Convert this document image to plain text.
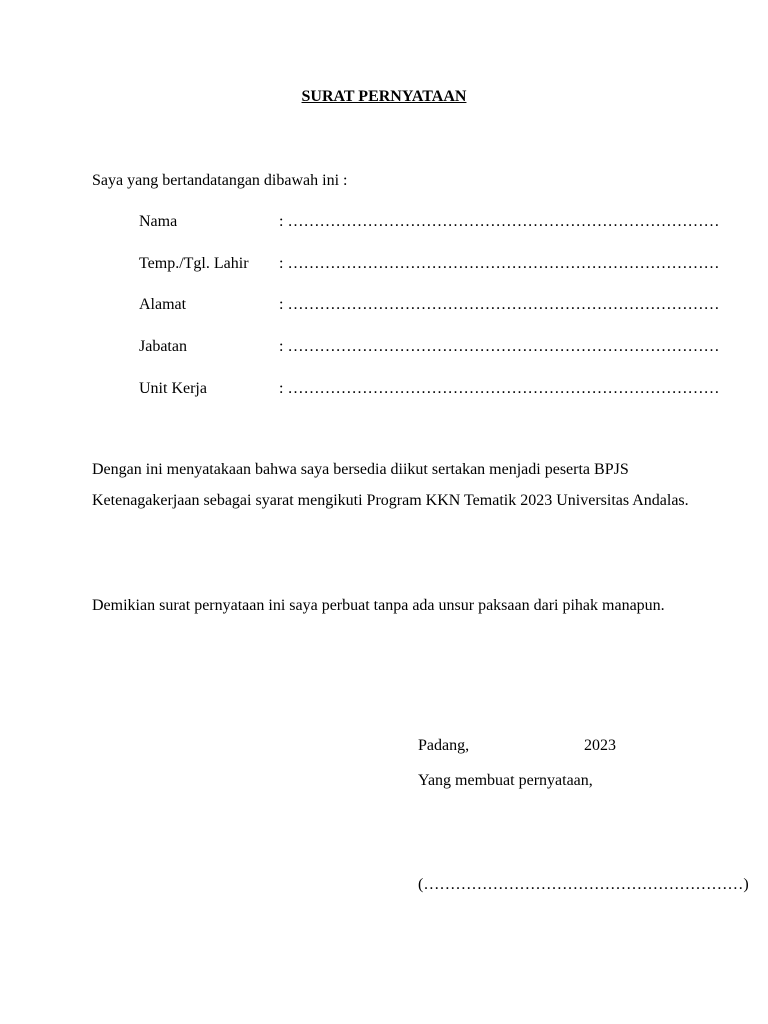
SURAT PERNYATAAN
Saya yang bertandatangan dibawah ini :
Nama	: ………………………………………………………………………
Temp./Tgl. Lahir : ………………………………………………………………………
Alamat	: ………………………………………………………………………
Jabatan	: ………………………………………………………………………
Unit Kerja	: ………………………………………………………………………
Dengan ini menyatakaan bahwa saya bersedia diikut sertakan menjadi peserta BPJS Ketenagakerjaan sebagai syarat mengikuti Program KKN Tematik 2023 Universitas Andalas.
Demikian surat pernyataan ini saya perbuat tanpa ada unsur paksaan dari pihak manapun.
Padang,	2023
Yang membuat pernyataan,
(……………………………………………………)
